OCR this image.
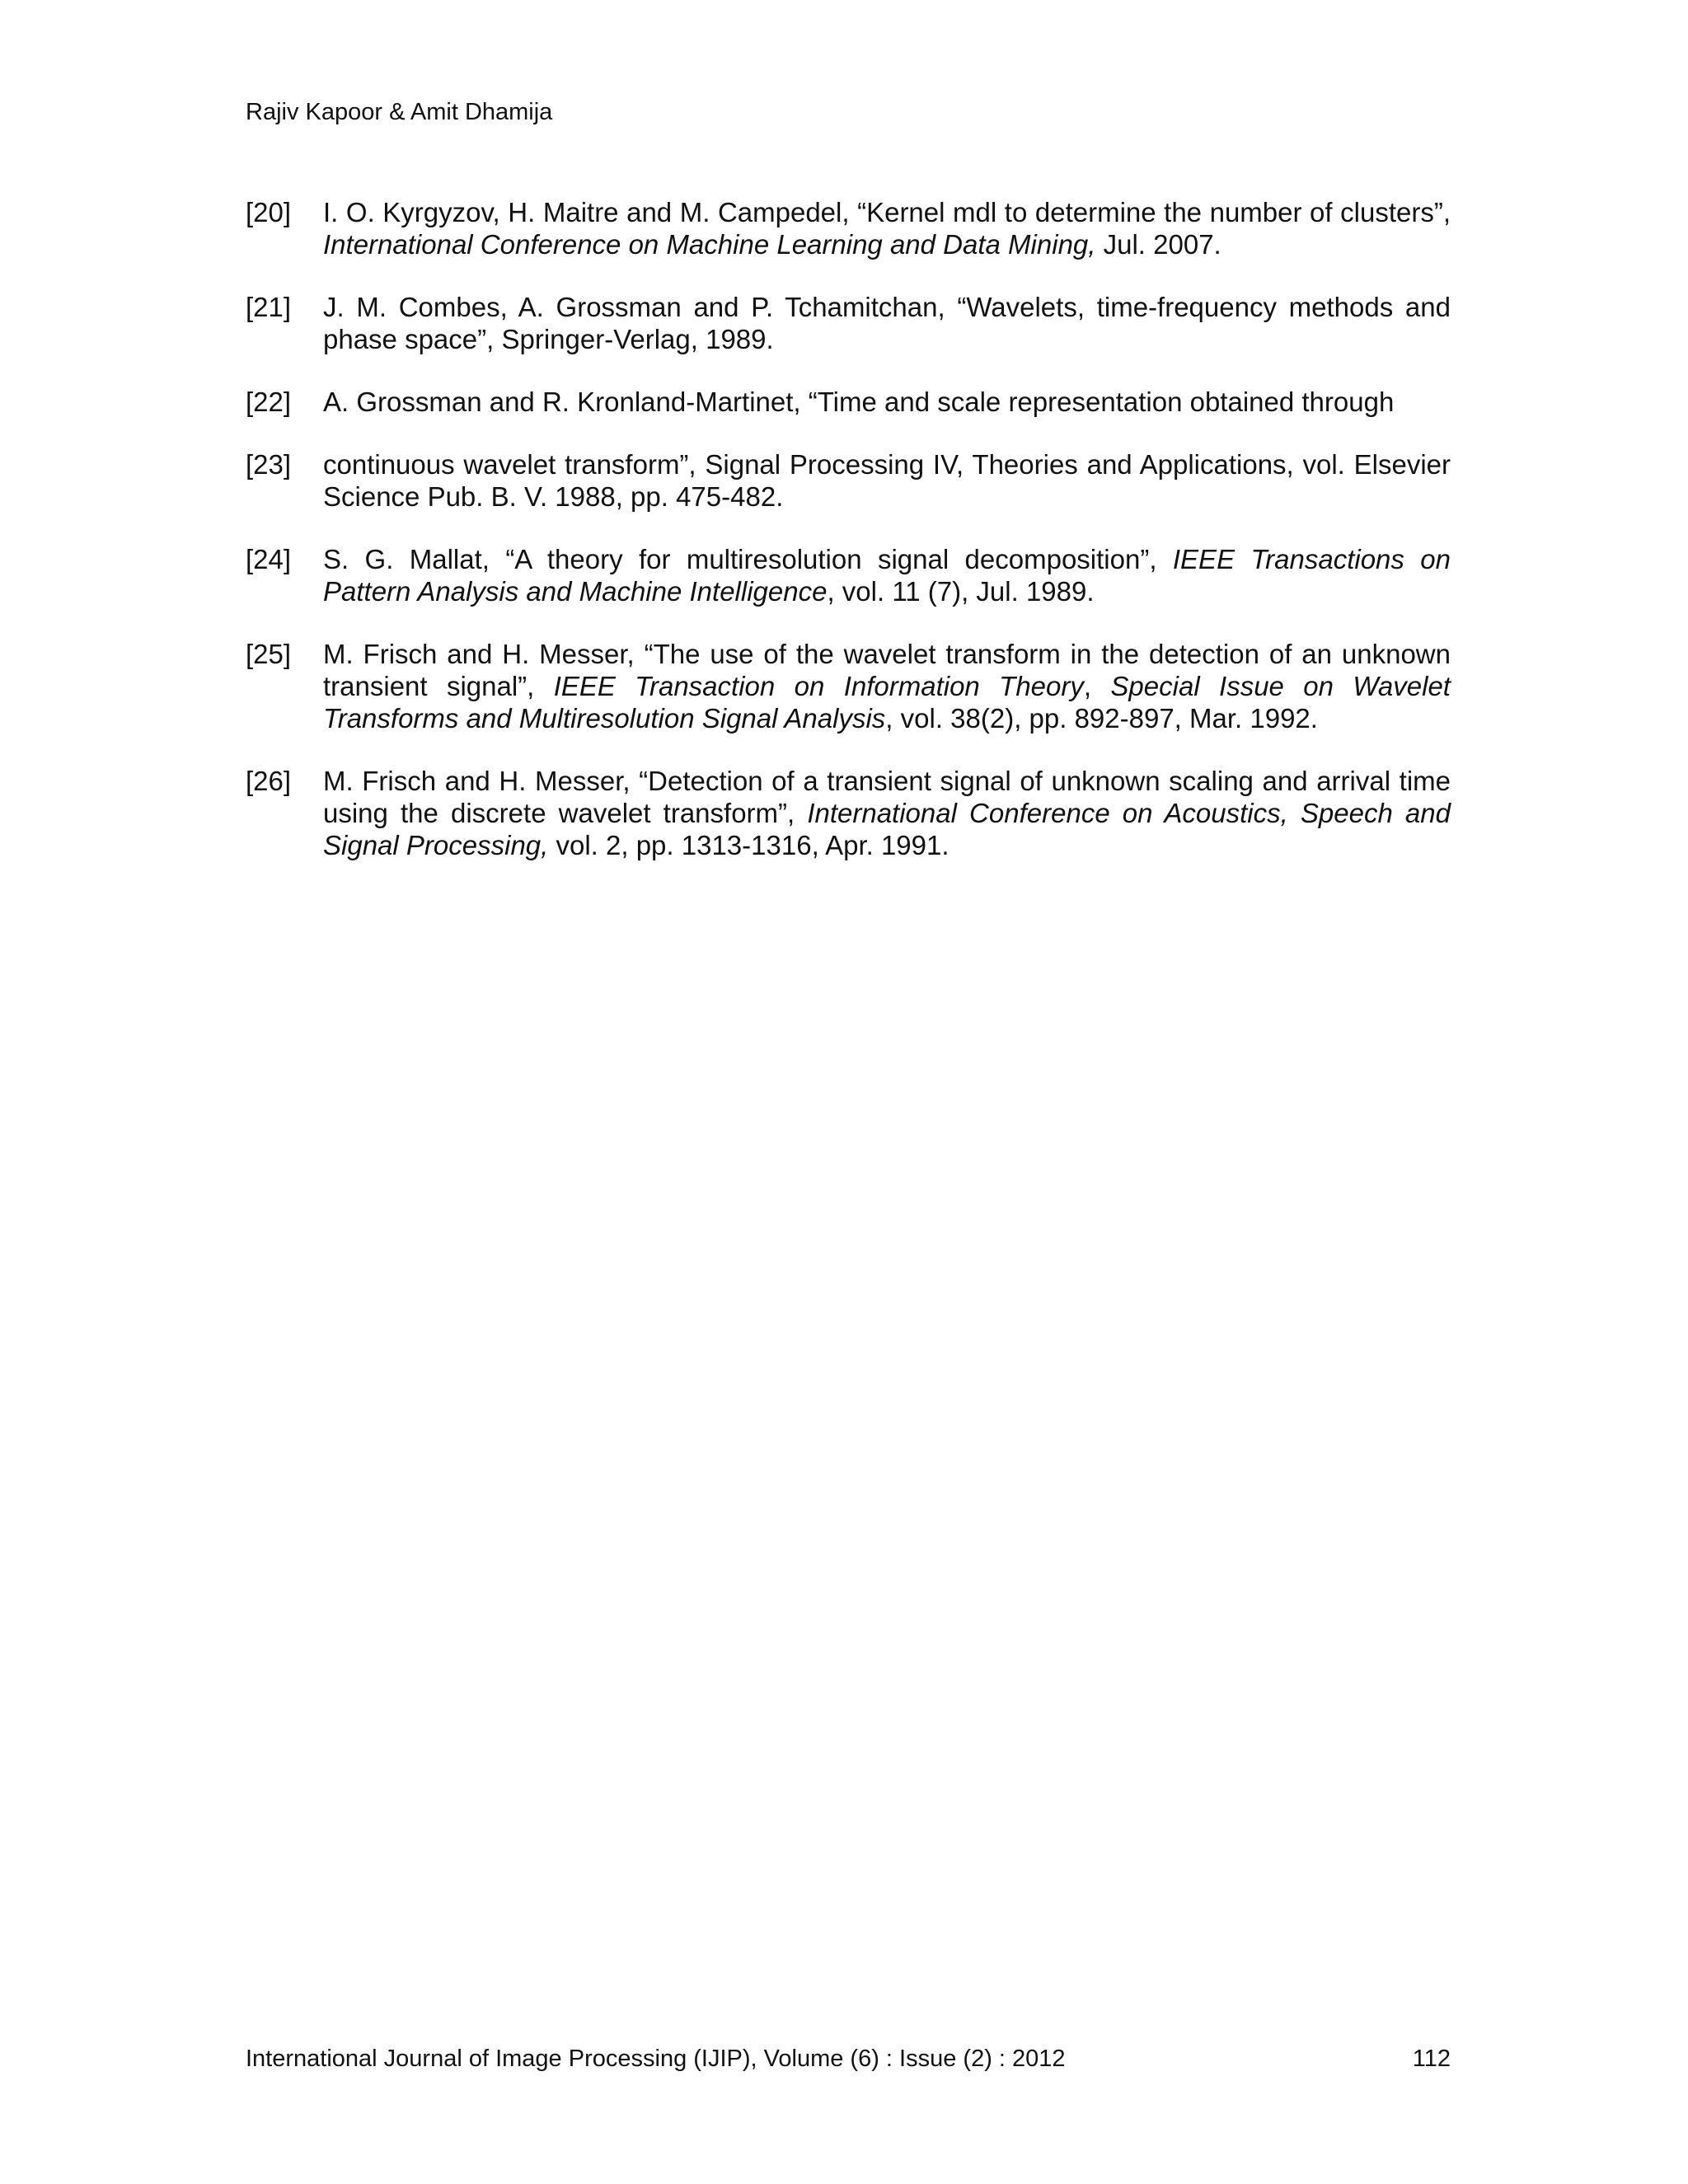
Rajiv Kapoor & Amit Dhamija
[20] I. O. Kyrgyzov, H. Maitre and M. Campedel, “Kernel mdl to determine the number of clusters”, International Conference on Machine Learning and Data Mining, Jul. 2007.
[21] J. M. Combes, A. Grossman and P. Tchamitchan, “Wavelets, time-frequency methods and phase space”, Springer-Verlag, 1989.
[22] A. Grossman and R. Kronland-Martinet, “Time and scale representation obtained through
[23] continuous wavelet transform”, Signal Processing IV, Theories and Applications, vol. Elsevier Science Pub. B. V. 1988, pp. 475-482.
[24] S. G. Mallat, “A theory for multiresolution signal decomposition”, IEEE Transactions on Pattern Analysis and Machine Intelligence, vol. 11 (7), Jul. 1989.
[25] M. Frisch and H. Messer, “The use of the wavelet transform in the detection of an unknown transient signal”, IEEE Transaction on Information Theory, Special Issue on Wavelet Transforms and Multiresolution Signal Analysis, vol. 38(2), pp. 892-897, Mar. 1992.
[26] M. Frisch and H. Messer, “Detection of a transient signal of unknown scaling and arrival time using the discrete wavelet transform”, International Conference on Acoustics, Speech and Signal Processing, vol. 2, pp. 1313-1316, Apr. 1991.
International Journal of Image Processing (IJIP), Volume (6) : Issue (2) : 2012	112
